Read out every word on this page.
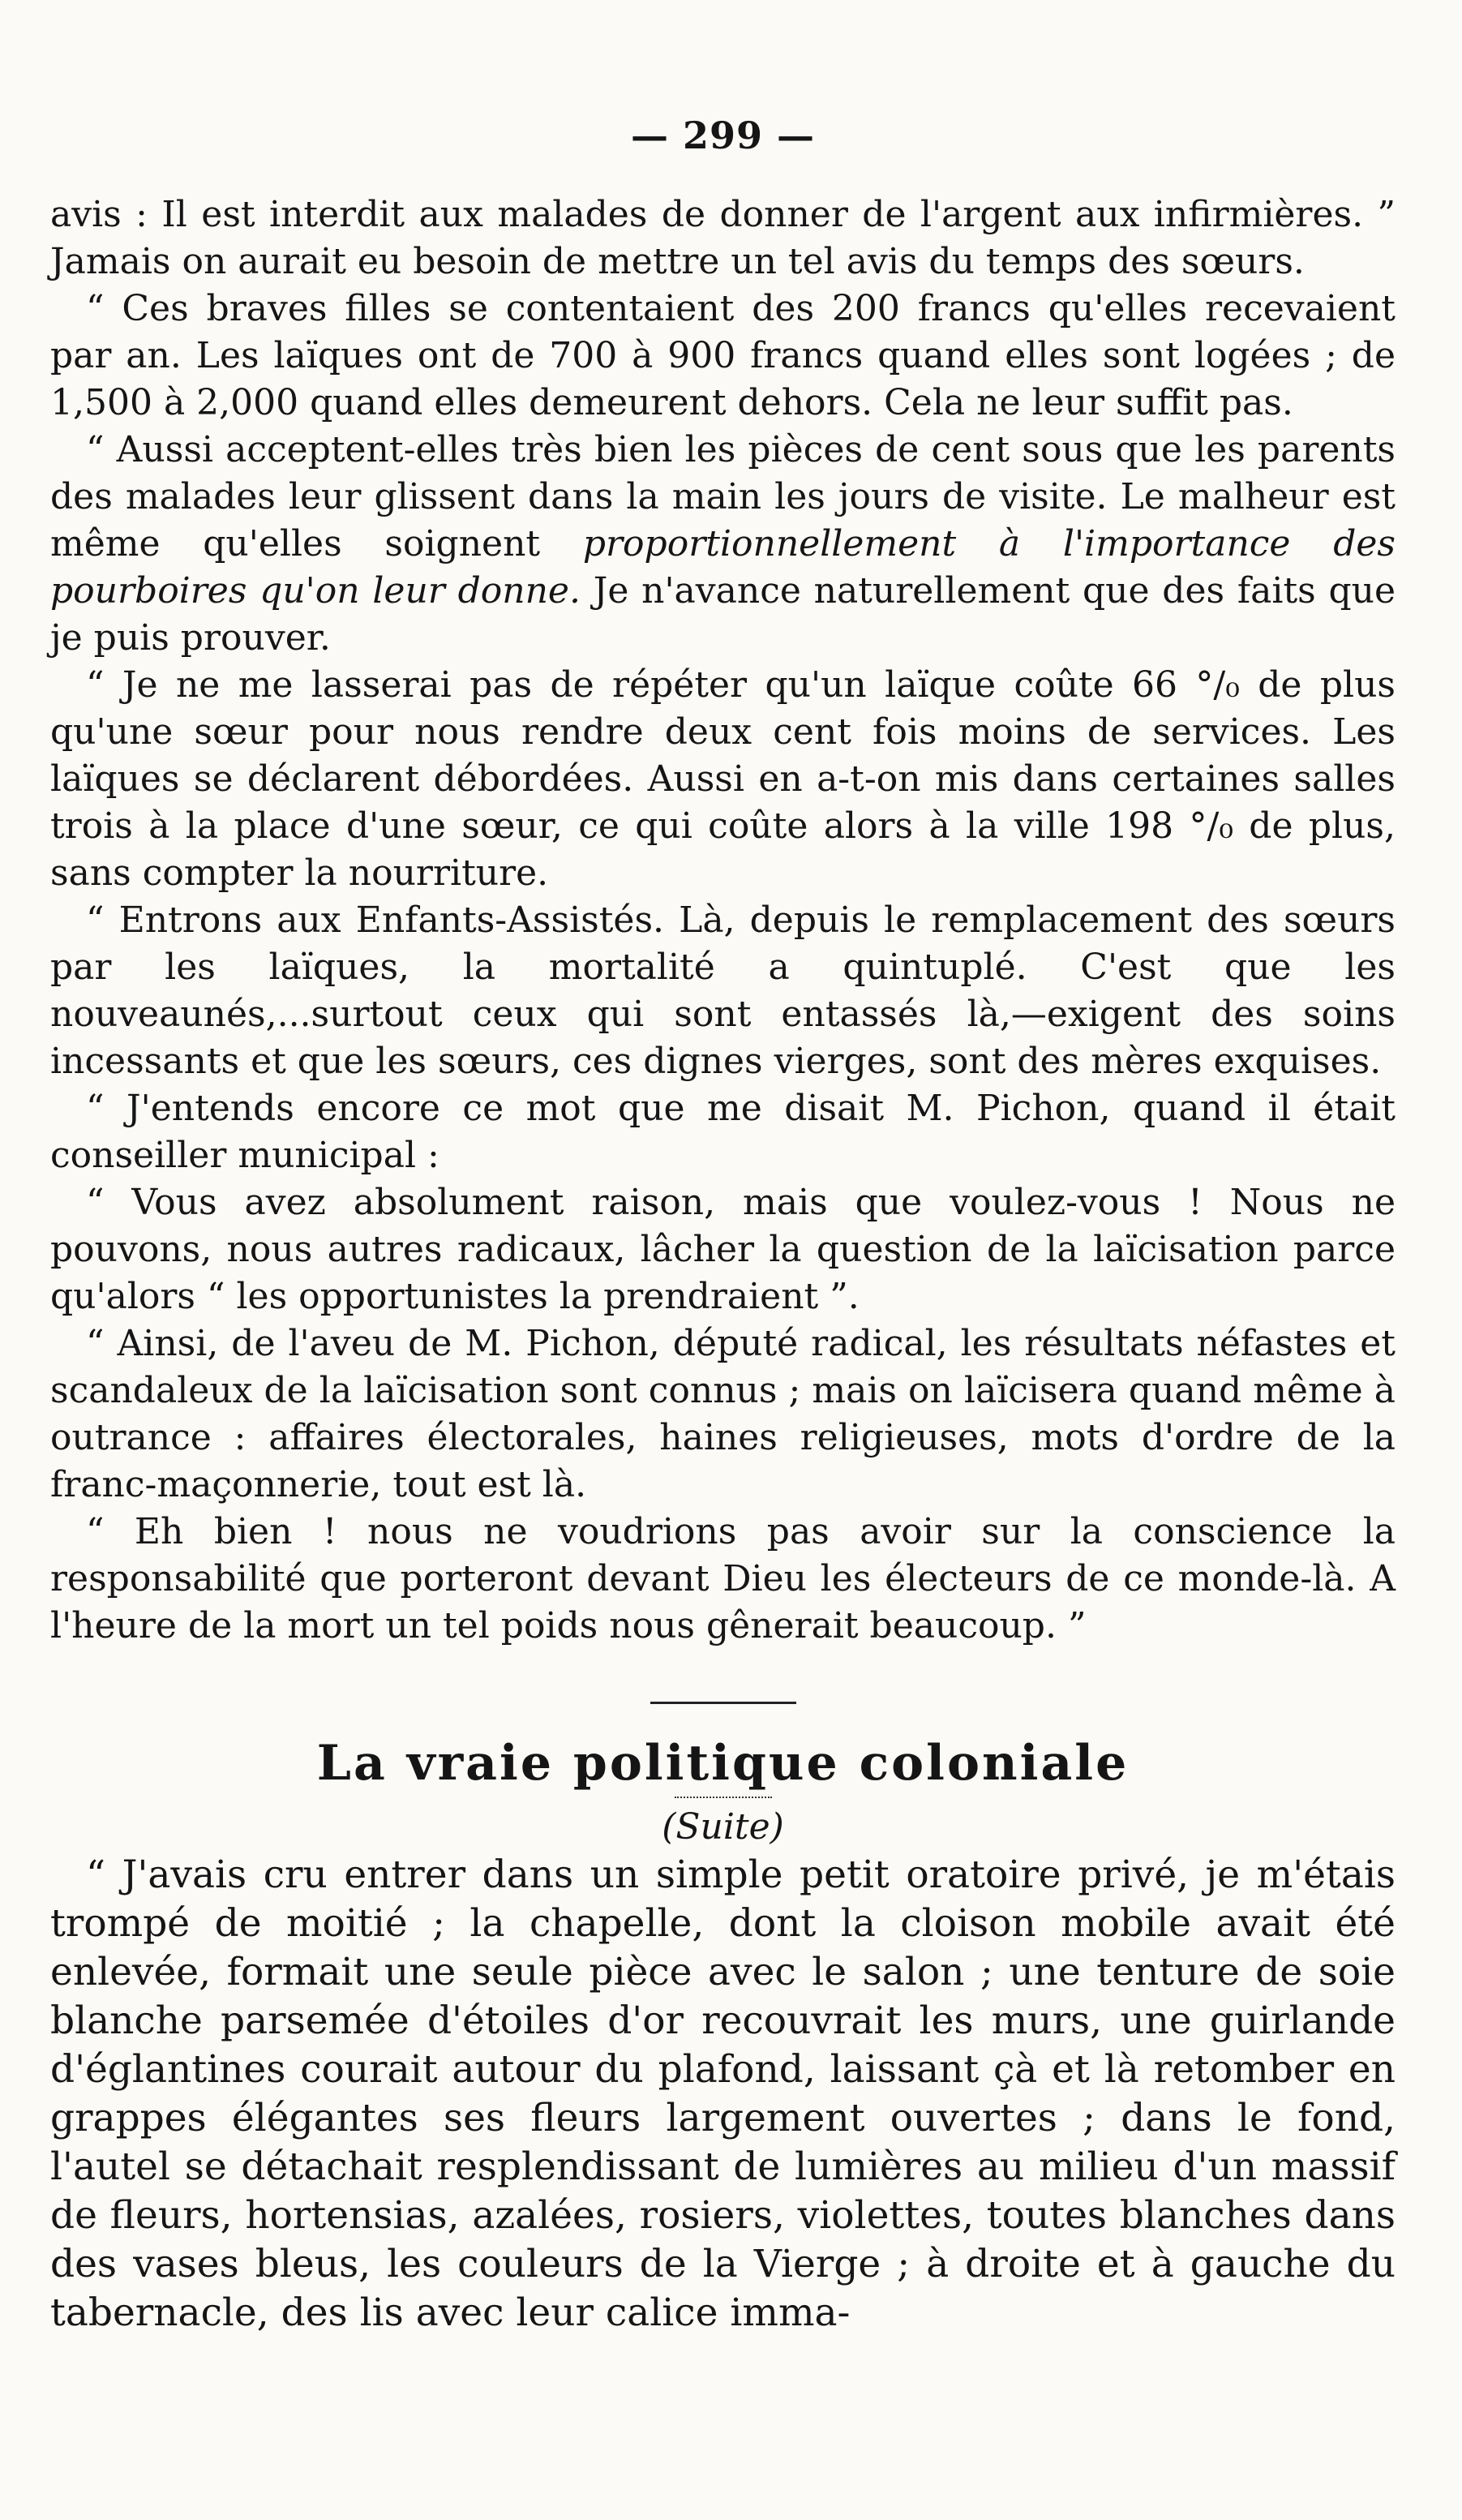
— 299 —

avis : Il est interdit aux malades de donner de l'argent aux infirmières. ” Jamais on aurait eu besoin de mettre un tel avis du temps des sœurs.

“ Ces braves filles se contentaient des 200 francs qu'elles recevaient par an. Les laïques ont de 700 à 900 francs quand elles sont logées ; de 1,500 à 2,000 quand elles demeurent dehors. Cela ne leur suffit pas.

“ Aussi acceptent-elles très bien les pièces de cent sous que les parents des malades leur glissent dans la main les jours de visite. Le malheur est même qu'elles soignent proportionnellement à l'importance des pourboires qu'on leur donne. Je n'avance naturellement que des faits que je puis prouver.

“ Je ne me lasserai pas de répéter qu'un laïque coûte 66 °/₀ de plus qu'une sœur pour nous rendre deux cent fois moins de services. Les laïques se déclarent débordées. Aussi en a-t-on mis dans certaines salles trois à la place d'une sœur, ce qui coûte alors à la ville 198 °/₀ de plus, sans compter la nourriture.

“ Entrons aux Enfants-Assistés. Là, depuis le remplacement des sœurs par les laïques, la mortalité a quintuplé. C'est que les nouveaunés,...surtout ceux qui sont entassés là,—exigent des soins incessants et que les sœurs, ces dignes vierges, sont des mères exquises.

“ J'entends encore ce mot que me disait M. Pichon, quand il était conseiller municipal :

“ Vous avez absolument raison, mais que voulez-vous ! Nous ne pouvons, nous autres radicaux, lâcher la question de la laïcisation parce qu'alors “ les opportunistes la prendraient ”.

“ Ainsi, de l'aveu de M. Pichon, député radical, les résultats néfastes et scandaleux de la laïcisation sont connus ; mais on laïcisera quand même à outrance : affaires électorales, haines religieuses, mots d'ordre de la franc-maçonnerie, tout est là.

“ Eh bien ! nous ne voudrions pas avoir sur la conscience la responsabilité que porteront devant Dieu les électeurs de ce monde-là. A l'heure de la mort un tel poids nous gênerait beaucoup. ”

La vraie politique coloniale
(Suite)

“ J'avais cru entrer dans un simple petit oratoire privé, je m'étais trompé de moitié ; la chapelle, dont la cloison mobile avait été enlevée, formait une seule pièce avec le salon ; une tenture de soie blanche parsemée d'étoiles d'or recouvrait les murs, une guirlande d'églantines courait autour du plafond, laissant çà et là retomber en grappes élégantes ses fleurs largement ouvertes ; dans le fond, l'autel se détachait resplendissant de lumières au milieu d'un massif de fleurs, hortensias, azalées, rosiers, violettes, toutes blanches dans des vases bleus, les couleurs de la Vierge ; à droite et à gauche du tabernacle, des lis avec leur calice imma-
